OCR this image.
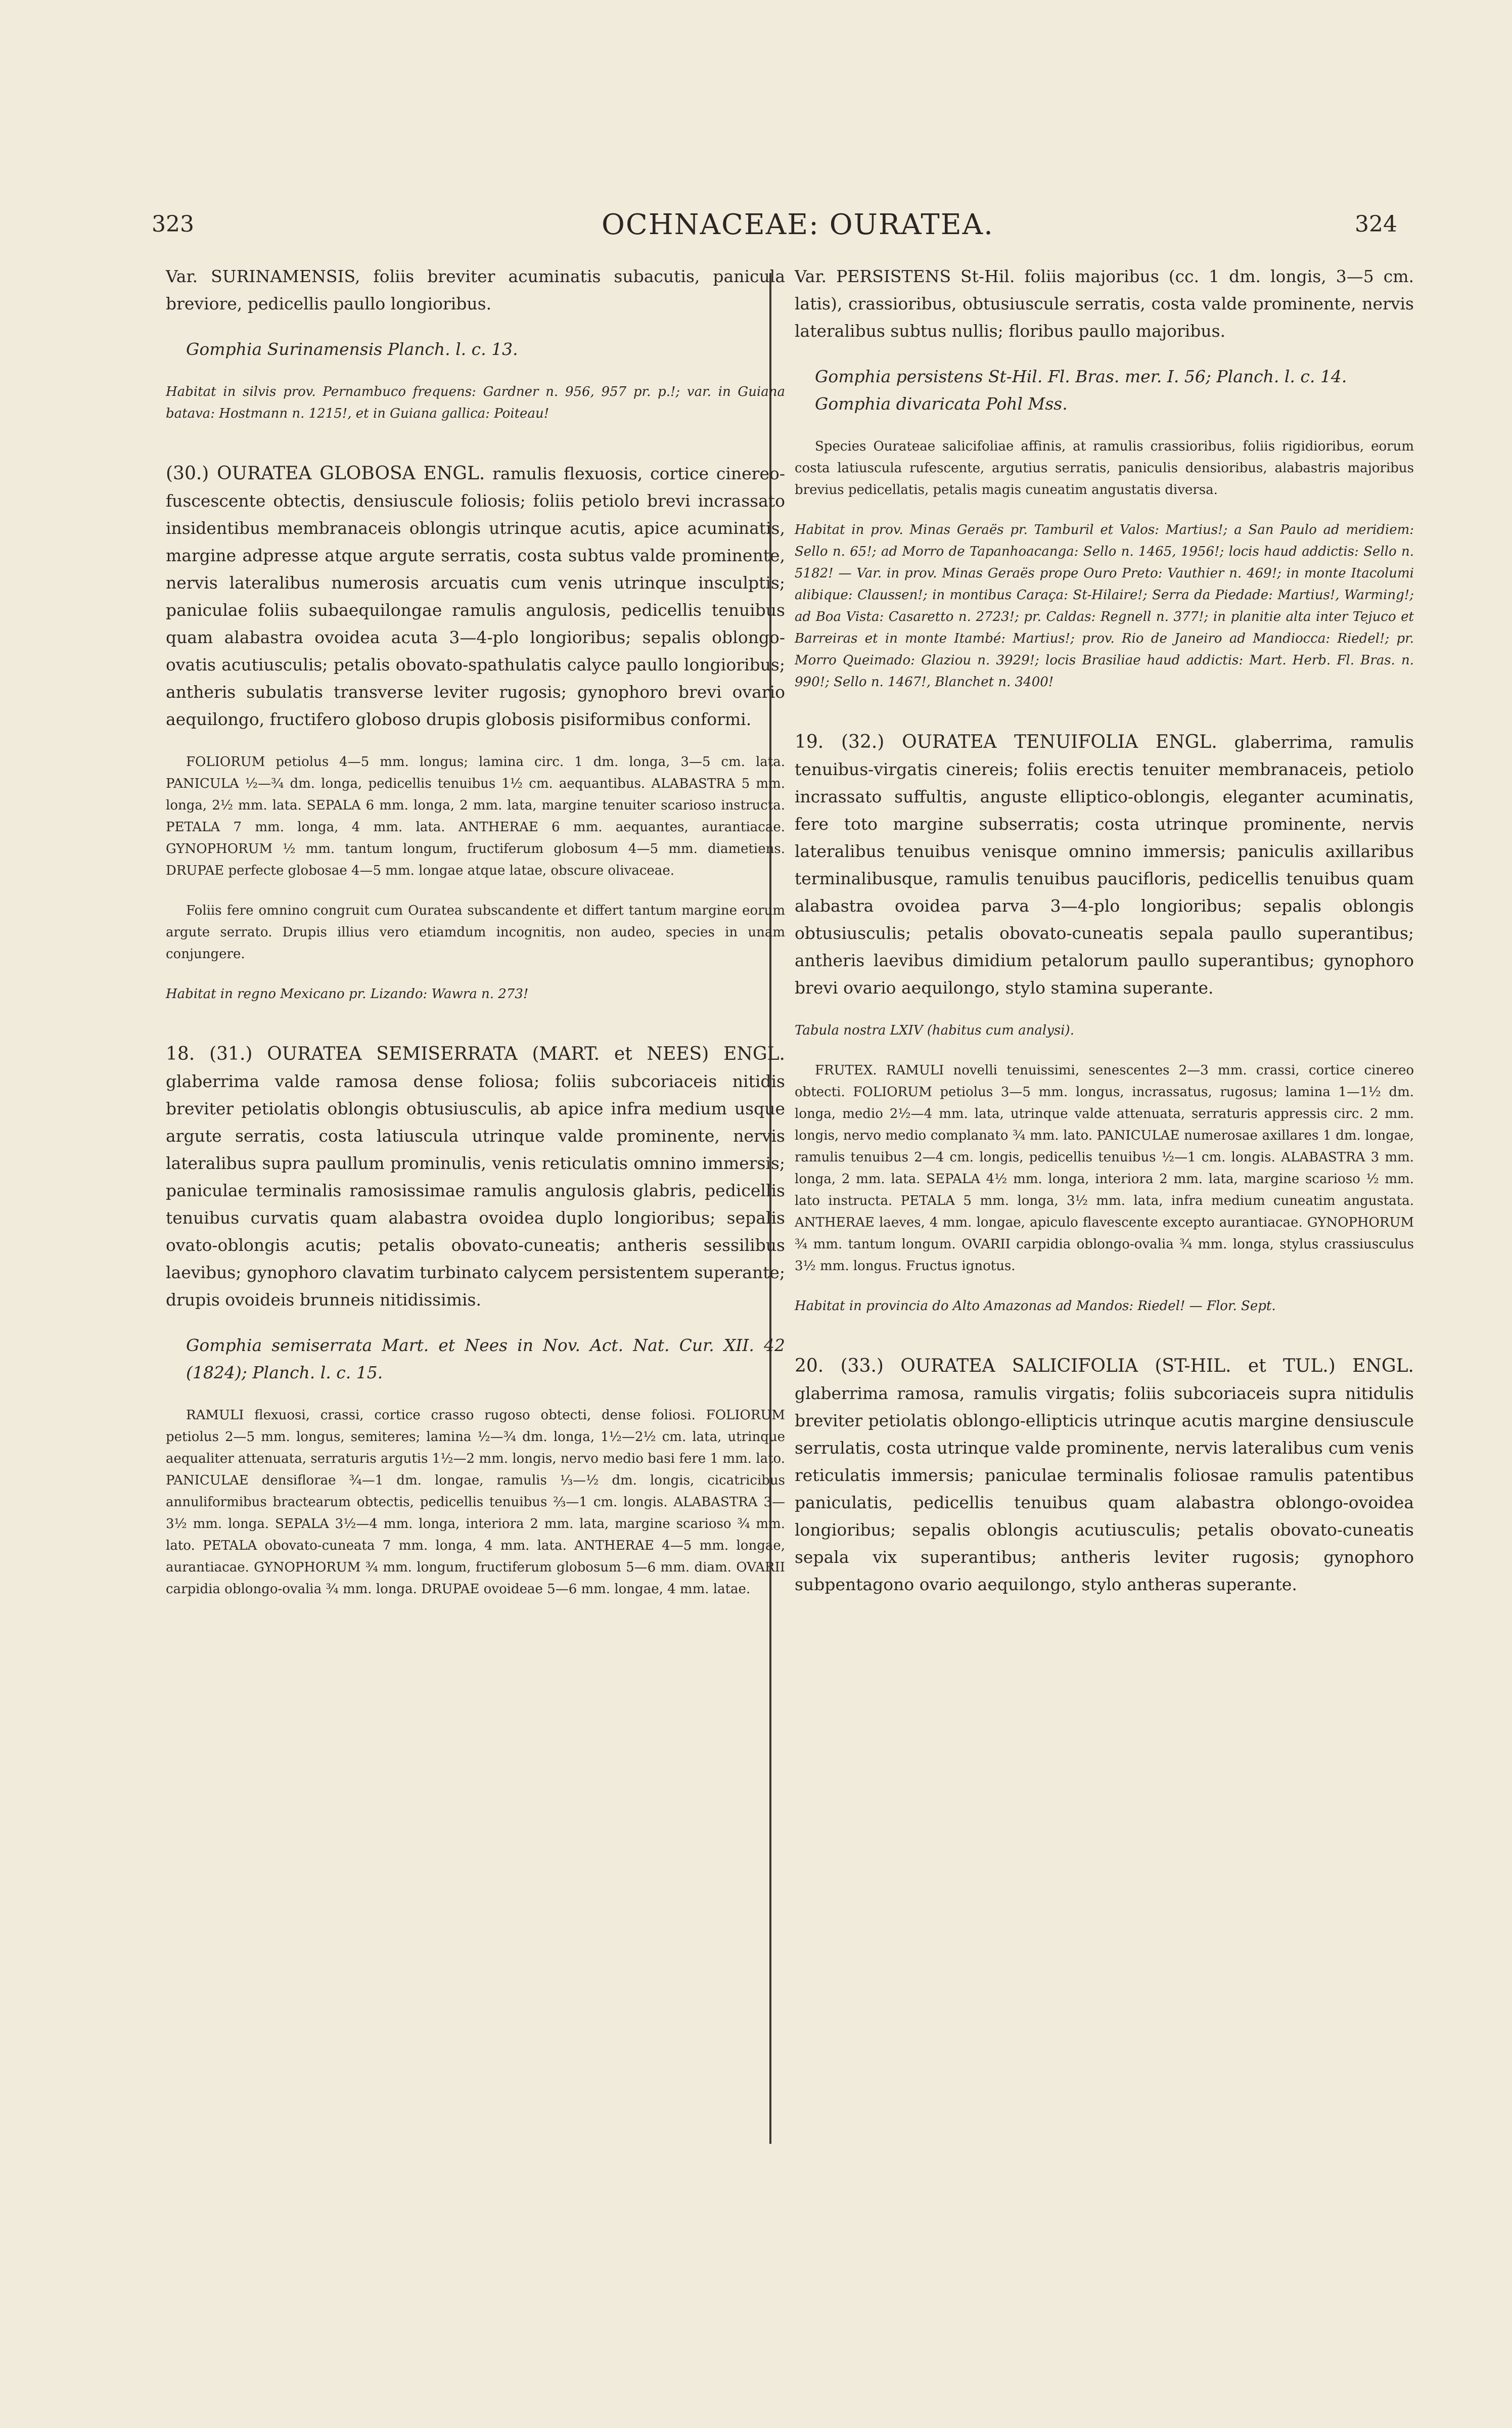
323	OCHNACEAE: OURATEA.	324

Var. SURINAMENSIS, foliis breviter acuminatis subacutis, panicula breviore, pedicellis paullo longioribus.

Gomphia Surinamensis Planch. l. c. 13.

Habitat in silvis prov. Pernambuco frequens: Gardner n. 956, 957 pr. p.!; var. in Guiana batava: Hostmann n. 1215!, et in Guiana gallica: Poiteau!

(30.) OURATEA GLOBOSA ENGL. ramulis flexuosis, cortice cinereo-fuscescente obtectis, densiuscule foliosis; foliis petiolo brevi incrassato insidentibus membranaceis oblongis utrinque acutis, apice acuminatis, margine adpresse atque argute serratis, costa subtus valde prominente, nervis lateralibus numerosis arcuatis cum venis utrinque insculptis; paniculae foliis subaequilongae ramulis angulosis, pedicellis tenuibus quam alabastra ovoidea acuta 3—4-plo longioribus; sepalis oblongo-ovatis acutiusculis; petalis obovato-spathulatis calyce paullo longioribus; antheris subulatis transverse leviter rugosis; gynophoro brevi ovario aequilongo, fructifero globoso drupis globosis pisiformibus conformi.

FOLIORUM petiolus 4—5 mm. longus; lamina circ. 1 dm. longa, 3—5 cm. lata. PANICULA ½—¾ dm. longa, pedicellis tenuibus 1½ cm. aequantibus. ALABASTRA 5 mm. longa, 2½ mm. lata. SEPALA 6 mm. longa, 2 mm. lata, margine tenuiter scarioso instructa. PETALA 7 mm. longa, 4 mm. lata. ANTHERAE 6 mm. aequantes, aurantiacae. GYNOPHORUM ½ mm. tantum longum, fructiferum globosum 4—5 mm. diametiens. DRUPAE perfecte globosae 4—5 mm. longae atque latae, obscure olivaceae.

Foliis fere omnino congruit cum Ouratea subscandente et differt tantum margine eorum argute serrato. Drupis illius vero etiamdum incognitis, non audeo, species in unam conjungere.

Habitat in regno Mexicano pr. Lizando: Wawra n. 273!

18. (31.) OURATEA SEMISERRATA (MART. et NEES) ENGL. glaberrima valde ramosa dense foliosa; foliis subcoriaceis nitidis breviter petiolatis oblongis obtusiusculis, ab apice infra medium usque argute serratis, costa latiuscula utrinque valde prominente, nervis lateralibus supra paullum prominulis, venis reticulatis omnino immersis; paniculae terminalis ramosissimae ramulis angulosis glabris, pedicellis tenuibus curvatis quam alabastra ovoidea duplo longioribus; sepalis ovato-oblongis acutis; petalis obovato-cuneatis; antheris sessilibus laevibus; gynophoro clavatim turbinato calycem persistentem superante; drupis ovoideis brunneis nitidissimis.

Gomphia semiserrata Mart. et Nees in Nov. Act. Nat. Cur. XII. 42 (1824); Planch. l. c. 15.

RAMULI flexuosi, crassi, cortice crasso rugoso obtecti, dense foliosi. FOLIORUM petiolus 2—5 mm. longus, semiteres; lamina ½—¾ dm. longa, 1½—2½ cm. lata, utrinque aequaliter attenuata, serraturis argutis 1½—2 mm. longis, nervo medio basi fere 1 mm. lato. PANICULAE densiflorae ¾—1 dm. longae, ramulis ⅓—½ dm. longis, cicatricibus annuliformibus bractearum obtectis, pedicellis tenuibus ⅔—1 cm. longis. ALABASTRA 3—3½ mm. longa. SEPALA 3½—4 mm. longa, interiora 2 mm. lata, margine scarioso ¾ mm. lato. PETALA obovato-cuneata 7 mm. longa, 4 mm. lata. ANTHERAE 4—5 mm. longae, aurantiacae. GYNOPHORUM ¾ mm. longum, fructiferum globosum 5—6 mm. diam. OVARII carpidia oblongo-ovalia ¾ mm. longa. DRUPAE ovoideae 5—6 mm. longae, 4 mm. latae.

Var. PERSISTENS St-Hil. foliis majoribus (cc. 1 dm. longis, 3—5 cm. latis), crassioribus, obtusiuscule serratis, costa valde prominente, nervis lateralibus subtus nullis; floribus paullo majoribus.

Gomphia persistens St-Hil. Fl. Bras. mer. I. 56; Planch. l. c. 14.

Gomphia divaricata Pohl Mss.

Species Ourateae salicifoliae affinis, at ramulis crassioribus, foliis rigidioribus, eorum costa latiuscula rufescente, argutius serratis, paniculis densioribus, alabastris majoribus brevius pedicellatis, petalis magis cuneatim angustatis diversa.

Habitat in prov. Minas Geraës pr. Tamburil et Valos: Martius!; a San Paulo ad meridiem: Sello n. 65!; ad Morro de Tapanhoacanga: Sello n. 1465, 1956!; locis haud addictis: Sello n. 5182! — Var. in prov. Minas Geraës prope Ouro Preto: Vauthier n. 469!; in monte Itacolumi alibique: Claussen!; in montibus Caraça: St-Hilaire!; Serra da Piedade: Martius!, Warming!; ad Boa Vista: Casaretto n. 2723!; pr. Caldas: Regnell n. 377!; in planitie alta inter Tejuco et Barreiras et in monte Itambé: Martius!; prov. Rio de Janeiro ad Mandiocca: Riedel!; pr. Morro Queimado: Glaziou n. 3929!; locis Brasiliae haud addictis: Mart. Herb. Fl. Bras. n. 990!; Sello n. 1467!, Blanchet n. 3400!

19. (32.) OURATEA TENUIFOLIA ENGL. glaberrima, ramulis tenuibus-virgatis cinereis; foliis erectis tenuiter membranaceis, petiolo incrassato suffultis, anguste elliptico-oblongis, eleganter acuminatis, fere toto margine subserratis; costa utrinque prominente, nervis lateralibus tenuibus venisque omnino immersis; paniculis axillaribus terminalibusque, ramulis tenuibus paucifloris, pedicellis tenuibus quam alabastra ovoidea parva 3—4-plo longioribus; sepalis oblongis obtusiusculis; petalis obovato-cuneatis sepala paullo superantibus; antheris laevibus dimidium petalorum paullo superantibus; gynophoro brevi ovario aequilongo, stylo stamina superante.

Tabula nostra LXIV (habitus cum analysi).

FRUTEX. RAMULI novelli tenuissimi, senescentes 2—3 mm. crassi, cortice cinereo obtecti. FOLIORUM petiolus 3—5 mm. longus, incrassatus, rugosus; lamina 1—1½ dm. longa, medio 2½—4 mm. lata, utrinque valde attenuata, serraturis appressis circ. 2 mm. longis, nervo medio complanato ¾ mm. lato. PANICULAE numerosae axillares 1 dm. longae, ramulis tenuibus 2—4 cm. longis, pedicellis tenuibus ½—1 cm. longis. ALABASTRA 3 mm. longa, 2 mm. lata. SEPALA 4½ mm. longa, interiora 2 mm. lata, margine scarioso ½ mm. lato instructa. PETALA 5 mm. longa, 3½ mm. lata, infra medium cuneatim angustata. ANTHERAE laeves, 4 mm. longae, apiculo flavescente excepto aurantiacae. GYNOPHORUM ¾ mm. tantum longum. OVARII carpidia oblongo-ovalia ¾ mm. longa, stylus crassiusculus 3½ mm. longus. Fructus ignotus.

Habitat in provincia do Alto Amazonas ad Mandos: Riedel! — Flor. Sept.

20. (33.) OURATEA SALICIFOLIA (ST-HIL. et TUL.) ENGL. glaberrima ramosa, ramulis virgatis; foliis subcoriaceis supra nitidulis breviter petiolatis oblongo-ellipticis utrinque acutis margine densiuscule serrulatis, costa utrinque valde prominente, nervis lateralibus cum venis reticulatis immersis; paniculae terminalis foliosae ramulis patentibus paniculatis, pedicellis tenuibus quam alabastra oblongo-ovoidea longioribus; sepalis oblongis acutiusculis; petalis obovato-cuneatis sepala vix superantibus; antheris leviter rugosis; gynophoro subpentagono ovario aequilongo, stylo antheras superante.
